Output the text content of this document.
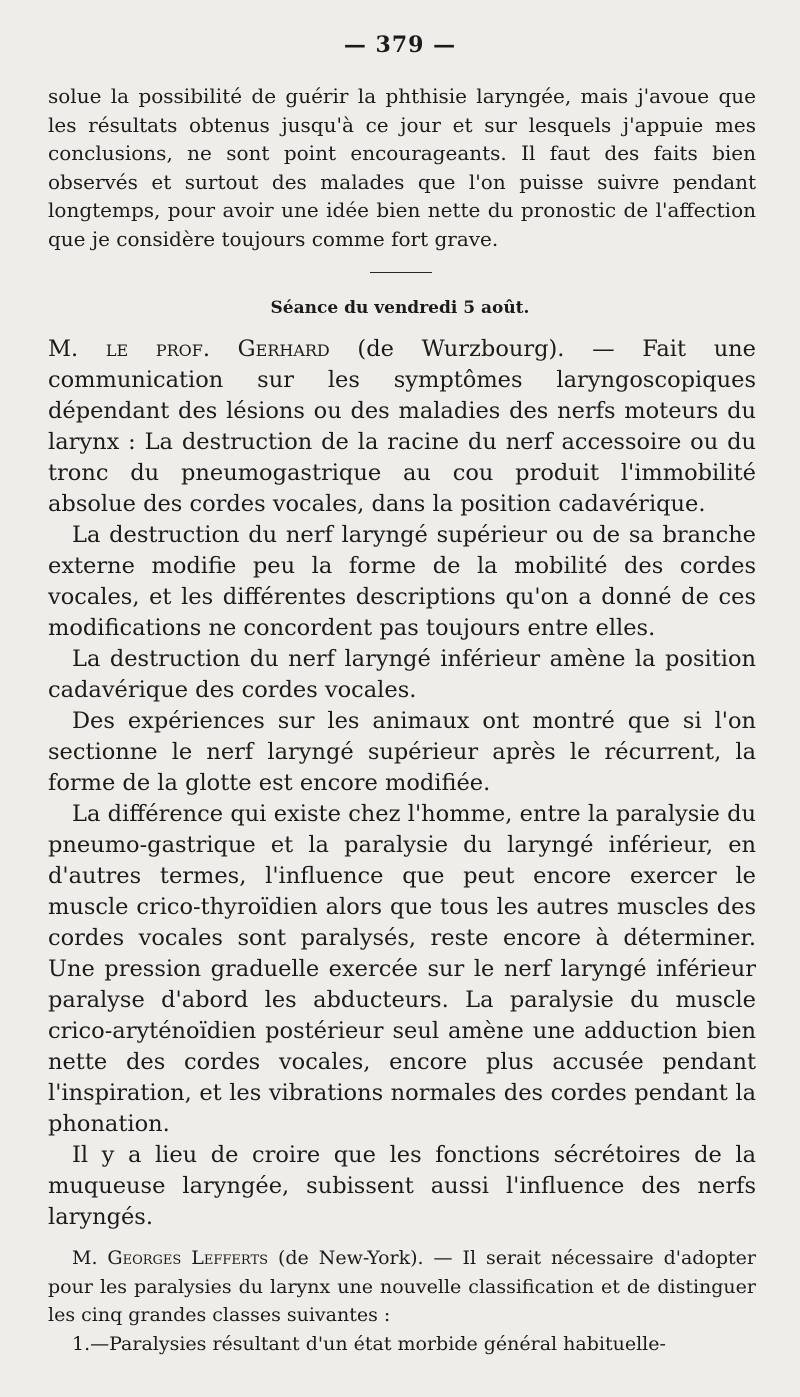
— 379 —
solue la possibilité de guérir la phthisie laryngée, mais j'avoue que les résultats obtenus jusqu'à ce jour et sur lesquels j'appuie mes conclusions, ne sont point encourageants. Il faut des faits bien observés et surtout des malades que l'on puisse suivre pendant longtemps, pour avoir une idée bien nette du pronostic de l'affection que je considère toujours comme fort grave.
Séance du vendredi 5 août.

M. le prof. Gerhard (de Wurzbourg). — Fait une communication sur les symptômes laryngoscopiques dépendant des lésions ou des maladies des nerfs moteurs du larynx : La destruction de la racine du nerf accessoire ou du tronc du pneumogastrique au cou produit l'immobilité absolue des cordes vocales, dans la position cadavérique.

La destruction du nerf laryngé supérieur ou de sa branche externe modifie peu la forme de la mobilité des cordes vocales, et les différentes descriptions qu'on a donné de ces modifications ne concordent pas toujours entre elles.

La destruction du nerf laryngé inférieur amène la position cadavérique des cordes vocales.

Des expériences sur les animaux ont montré que si l'on sectionne le nerf laryngé supérieur après le récurrent, la forme de la glotte est encore modifiée.

La différence qui existe chez l'homme, entre la paralysie du pneumo-gastrique et la paralysie du laryngé inférieur, en d'autres termes, l'influence que peut encore exercer le muscle crico-thyroïdien alors que tous les autres muscles des cordes vocales sont paralysés, reste encore à déterminer. Une pression graduelle exercée sur le nerf laryngé inférieur paralyse d'abord les abducteurs. La paralysie du muscle crico-aryténoïdien postérieur seul amène une adduction bien nette des cordes vocales, encore plus accusée pendant l'inspiration, et les vibrations normales des cordes pendant la phonation.

Il y a lieu de croire que les fonctions sécrétoires de la muqueuse laryngée, subissent aussi l'influence des nerfs laryngés.

M. Georges Lefferts (de New-York). — Il serait nécessaire d'adopter pour les paralysies du larynx une nouvelle classification et de distinguer les cinq grandes classes suivantes :

1.—Paralysies résultant d'un état morbide général habituelle-
